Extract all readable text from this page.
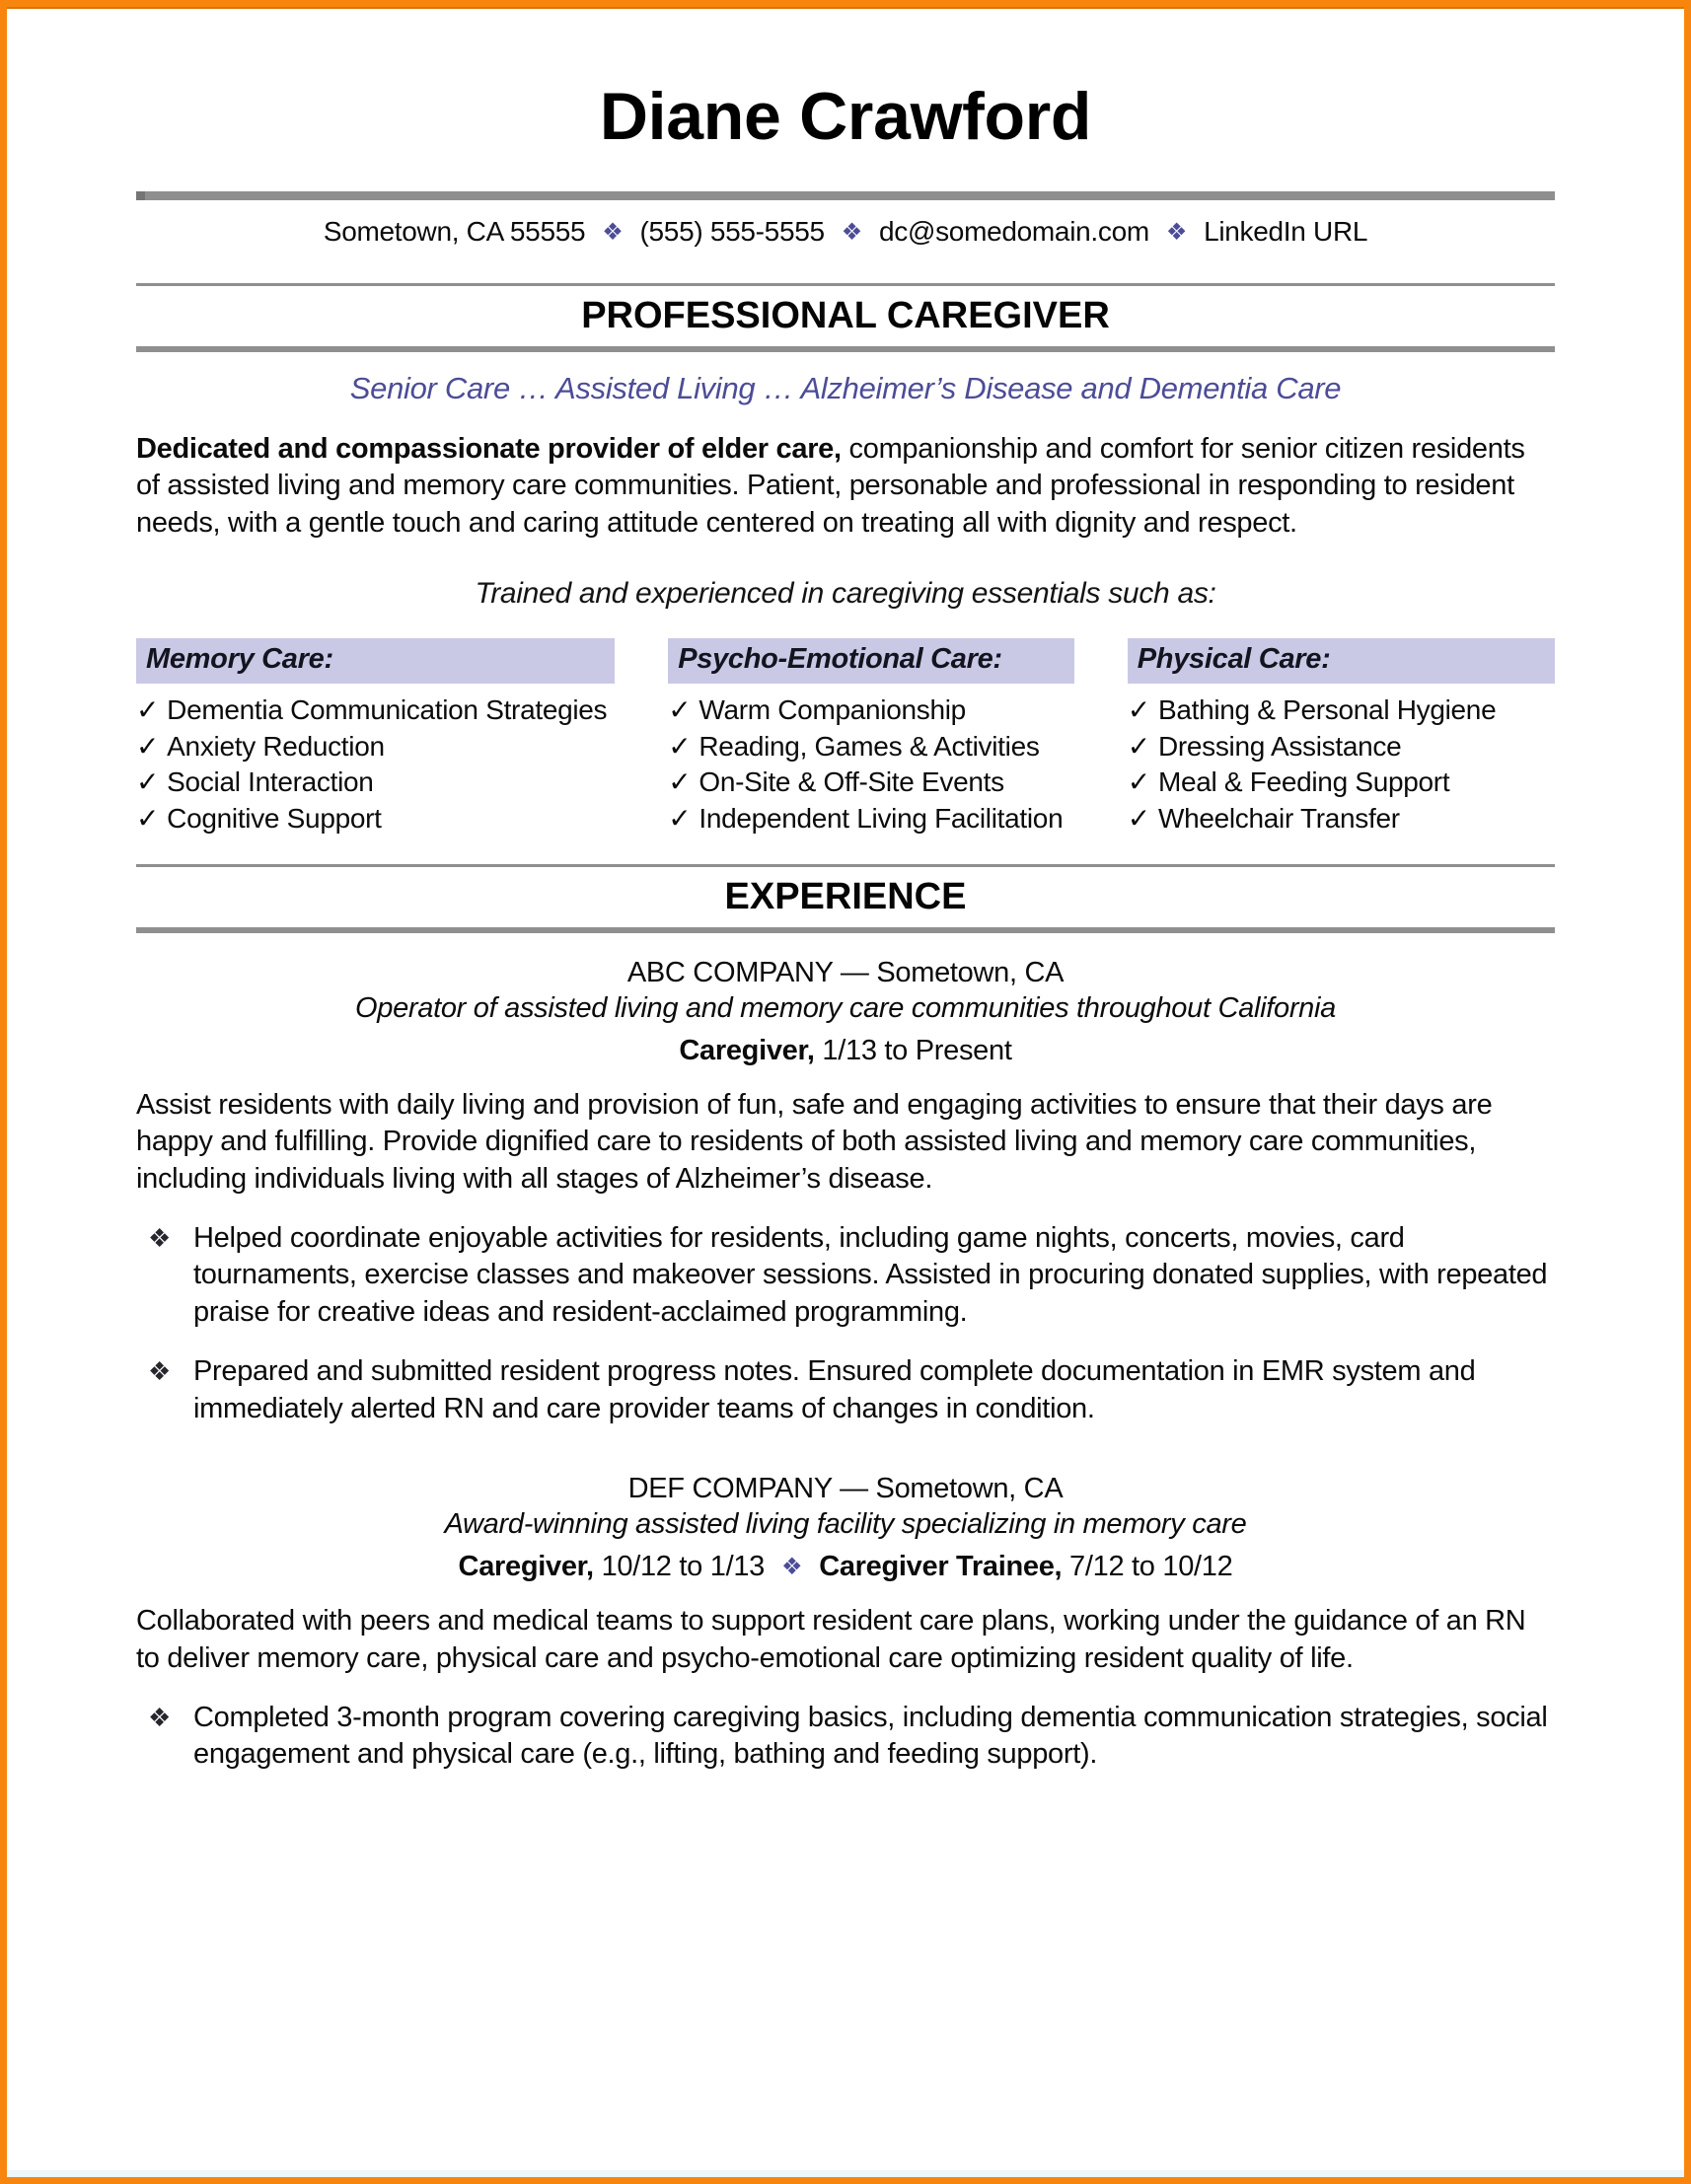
Diane Crawford
Sometown, CA 55555 ❖ (555) 555-5555 ❖ dc@somedomain.com ❖ LinkedIn URL
PROFESSIONAL CAREGIVER
Senior Care … Assisted Living … Alzheimer’s Disease and Dementia Care

Dedicated and compassionate provider of elder care, companionship and comfort for senior citizen residents of assisted living and memory care communities. Patient, personable and professional in responding to resident needs, with a gentle touch and caring attitude centered on treating all with dignity and respect.

Trained and experienced in caregiving essentials such as:
Memory Care:
✓ Dementia Communication Strategies
✓ Anxiety Reduction
✓ Social Interaction
✓ Cognitive Support
Psycho-Emotional Care:
✓ Warm Companionship
✓ Reading, Games & Activities
✓ On-Site & Off-Site Events
✓ Independent Living Facilitation
Physical Care:
✓ Bathing & Personal Hygiene
✓ Dressing Assistance
✓ Meal & Feeding Support
✓ Wheelchair Transfer
EXPERIENCE
ABC COMPANY — Sometown, CA
Operator of assisted living and memory care communities throughout California
Caregiver, 1/13 to Present

Assist residents with daily living and provision of fun, safe and engaging activities to ensure that their days are happy and fulfilling. Provide dignified care to residents of both assisted living and memory care communities, including individuals living with all stages of Alzheimer’s disease.

❖ Helped coordinate enjoyable activities for residents, including game nights, concerts, movies, card tournaments, exercise classes and makeover sessions. Assisted in procuring donated supplies, with repeated praise for creative ideas and resident-acclaimed programming.
❖ Prepared and submitted resident progress notes. Ensured complete documentation in EMR system and immediately alerted RN and care provider teams of changes in condition.
DEF COMPANY — Sometown, CA
Award-winning assisted living facility specializing in memory care
Caregiver, 10/12 to 1/13 ❖ Caregiver Trainee, 7/12 to 10/12

Collaborated with peers and medical teams to support resident care plans, working under the guidance of an RN to deliver memory care, physical care and psycho-emotional care optimizing resident quality of life.

❖ Completed 3-month program covering caregiving basics, including dementia communication strategies, social engagement and physical care (e.g., lifting, bathing and feeding support).
